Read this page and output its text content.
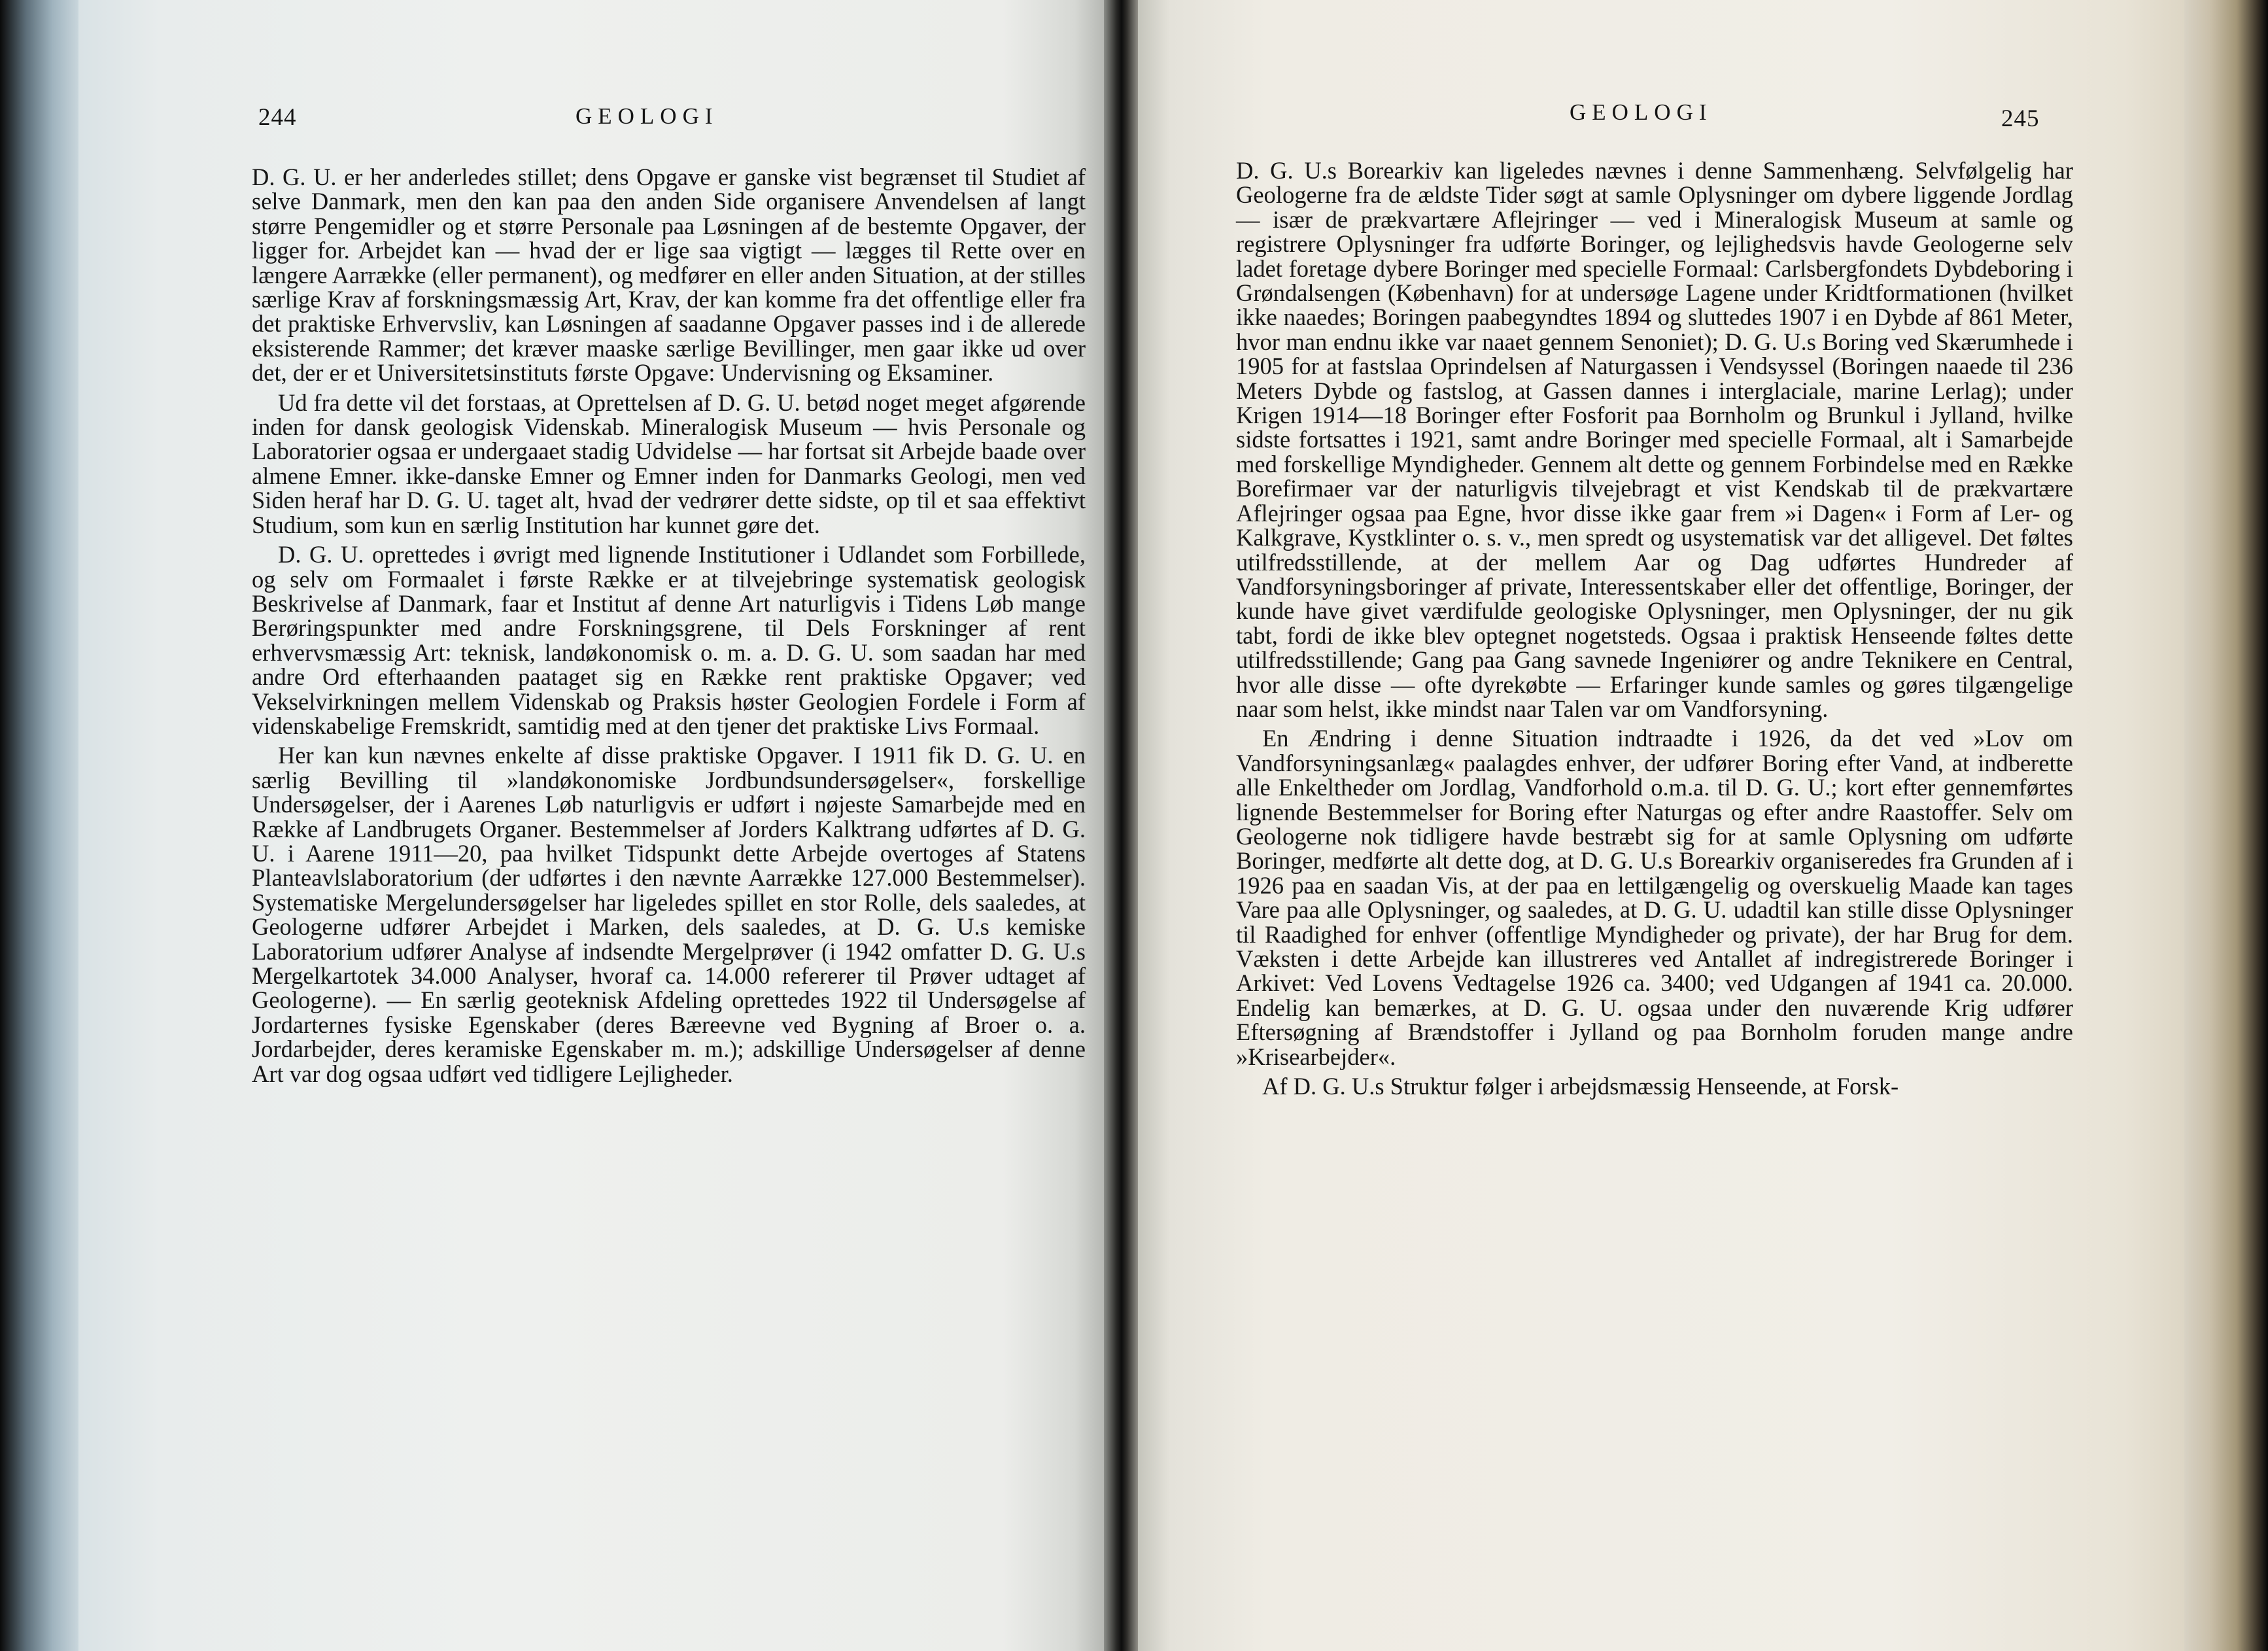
244	GEOLOGI

D. G. U. er her anderledes stillet; dens Opgave er ganske vist begrænset til Studiet af selve Danmark, men den kan paa den anden Side organisere Anvendelsen af langt større Pengemidler og et større Personale paa Løsningen af de bestemte Opgaver, der ligger for. Arbejdet kan — hvad der er lige saa vigtigt — lægges til Rette over en længere Aarrække (eller permanent), og medfører en eller anden Situation, at der stilles særlige Krav af forskningsmæssig Art, Krav, der kan komme fra det offentlige eller fra det praktiske Erhvervsliv, kan Løsningen af saadanne Opgaver passes ind i de allerede eksisterende Rammer; det kræver maaske særlige Bevillinger, men gaar ikke ud over det, der er et Universitetsinstituts første Opgave: Undervisning og Eksaminer.

Ud fra dette vil det forstaas, at Oprettelsen af D. G. U. betød noget meget afgørende inden for dansk geologisk Videnskab. Mineralogisk Museum — hvis Personale og Laboratorier ogsaa er undergaaet stadig Udvidelse — har fortsat sit Arbejde baade over almene Emner. ikke-danske Emner og Emner inden for Danmarks Geologi, men ved Siden heraf har D. G. U. taget alt, hvad der vedrører dette sidste, op til et saa effektivt Studium, som kun en særlig Institution har kunnet gøre det.

D. G. U. oprettedes i øvrigt med lignende Institutioner i Udlandet som Forbillede, og selv om Formaalet i første Række er at tilvejebringe systematisk geologisk Beskrivelse af Danmark, faar et Institut af denne Art naturligvis i Tidens Løb mange Berøringspunkter med andre Forskningsgrene, til Dels Forskninger af rent erhvervsmæssig Art: teknisk, landøkonomisk o. m. a. D. G. U. som saadan har med andre Ord efterhaanden paataget sig en Række rent praktiske Opgaver; ved Vekselvirkningen mellem Videnskab og Praksis høster Geologien Fordele i Form af videnskabelige Fremskridt, samtidig med at den tjener det praktiske Livs Formaal.

Her kan kun nævnes enkelte af disse praktiske Opgaver. I 1911 fik D. G. U. en særlig Bevilling til »landøkonomiske Jordbundsundersøgelser«, forskellige Undersøgelser, der i Aarenes Løb naturligvis er udført i nøjeste Samarbejde med en Række af Landbrugets Organer. Bestemmelser af Jorders Kalktrang udførtes af D. G. U. i Aarene 1911—20, paa hvilket Tidspunkt dette Arbejde overtoges af Statens Planteavlslaboratorium (der udførtes i den nævnte Aarrække 127.000 Bestemmelser). Systematiske Mergelundersøgelser har ligeledes spillet en stor Rolle, dels saaledes, at Geologerne udfører Arbejdet i Marken, dels saaledes, at D. G. U.s kemiske Laboratorium udfører Analyse af indsendte Mergelprøver (i 1942 omfatter D. G. U.s Mergelkartotek 34.000 Analyser, hvoraf ca. 14.000 refererer til Prøver udtaget af Geologerne). — En særlig geoteknisk Afdeling oprettedes 1922 til Undersøgelse af Jordarternes fysiske Egenskaber (deres Bæreevne ved Bygning af Broer o. a. Jordarbejder, deres keramiske Egenskaber m. m.); adskillige Undersøgelser af denne Art var dog ogsaa udført ved tidligere Lejligheder.

GEOLOGI	245

D. G. U.s Borearkiv kan ligeledes nævnes i denne Sammenhæng. Selvfølgelig har Geologerne fra de ældste Tider søgt at samle Oplysninger om dybere liggende Jordlag — især de prækvartære Aflejringer — ved i Mineralogisk Museum at samle og registrere Oplysninger fra udførte Boringer, og lejlighedsvis havde Geologerne selv ladet foretage dybere Boringer med specielle Formaal: Carlsbergfondets Dybdeboring i Grøndalsengen (København) for at undersøge Lagene under Kridtformationen (hvilket ikke naaedes; Boringen paabegyndtes 1894 og sluttedes 1907 i en Dybde af 861 Meter, hvor man endnu ikke var naaet gennem Senoniet); D. G. U.s Boring ved Skærumhede i 1905 for at fastslaa Oprindelsen af Naturgassen i Vendsyssel (Boringen naaede til 236 Meters Dybde og fastslog, at Gassen dannes i interglaciale, marine Lerlag); under Krigen 1914—18 Boringer efter Fosforit paa Bornholm og Brunkul i Jylland, hvilke sidste fortsattes i 1921, samt andre Boringer med specielle Formaal, alt i Samarbejde med forskellige Myndigheder. Gennem alt dette og gennem Forbindelse med en Række Borefirmaer var der naturligvis tilvejebragt et vist Kendskab til de prækvartære Aflejringer ogsaa paa Egne, hvor disse ikke gaar frem »i Dagen« i Form af Ler- og Kalkgrave, Kystklinter o. s. v., men spredt og usystematisk var det alligevel. Det føltes utilfredsstillende, at der mellem Aar og Dag udførtes Hundreder af Vandforsyningsboringer af private, Interessentskaber eller det offentlige, Boringer, der kunde have givet værdifulde geologiske Oplysninger, men Oplysninger, der nu gik tabt, fordi de ikke blev optegnet nogetsteds. Ogsaa i praktisk Henseende føltes dette utilfredsstillende; Gang paa Gang savnede Ingeniører og andre Teknikere en Central, hvor alle disse — ofte dyrekøbte — Erfaringer kunde samles og gøres tilgængelige naar som helst, ikke mindst naar Talen var om Vandforsyning.

En Ændring i denne Situation indtraadte i 1926, da det ved »Lov om Vandforsyningsanlæg« paalagdes enhver, der udfører Boring efter Vand, at indberette alle Enkeltheder om Jordlag, Vandforhold o.m.a. til D. G. U.; kort efter gennemførtes lignende Bestemmelser for Boring efter Naturgas og efter andre Raastoffer. Selv om Geologerne nok tidligere havde bestræbt sig for at samle Oplysning om udførte Boringer, medførte alt dette dog, at D. G. U.s Borearkiv organiseredes fra Grunden af i 1926 paa en saadan Vis, at der paa en lettilgængelig og overskuelig Maade kan tages Vare paa alle Oplysninger, og saaledes, at D. G. U. udadtil kan stille disse Oplysninger til Raadighed for enhver (offentlige Myndigheder og private), der har Brug for dem. Væksten i dette Arbejde kan illustreres ved Antallet af indregistrerede Boringer i Arkivet: Ved Lovens Vedtagelse 1926 ca. 3400; ved Udgangen af 1941 ca. 20.000. Endelig kan bemærkes, at D. G. U. ogsaa under den nuværende Krig udfører Eftersøgning af Brændstoffer i Jylland og paa Bornholm foruden mange andre »Krisearbejder«.

Af D. G. U.s Struktur følger i arbejdsmæssig Henseende, at Forsk-
